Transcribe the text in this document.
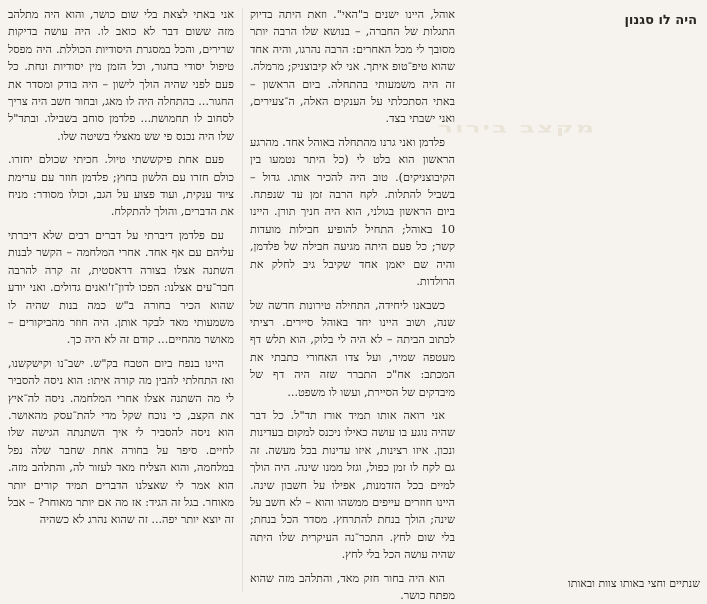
היה לו סגנון
מקצב בירור

אוהל, היינו ישנים ב"האי". וזאת היתה בדיוק התגלות של החברה, – בנושא שלו הרבה יותר מסובך לי מכל האחרים: הרבה נהרגו, והיה אחד שהוא טיפ־טופ איתך. אני לא קיבוצניק; מרמלה. זה היה משמעותי בהתחלה. ביום הראשון – באתי הסתכלתי על הענקים האלה, ה־צעירים, ואני ישבתי בצד.

פלדמן ואני גרנו מהתחלה באוהל אחד. מהרגע הראשון הוא בלט לי (כל היתר נטמעו בין הקיבוצניקים). טוב היה להכיר אותו. גדול – בשביל להתלות. לקח הרבה זמן עד שנפתח. ביום הראשון בגולני, הוא היה חניך תורן. היינו 10 באוהל; התחיל להופיע חבילות מועדות קשר; כל פעם היתה מגיעה חבילה של פלדמן, והיה שם יאמן אחד שקיבל גיב לחלק את הרולדות.

כשבאנו ליחידה, התחילה טירונות חדשה של שנה, ושוב היינו יחד באוהל סיירים. רציתי לכתוב הביתה – לא היה לי בלוק, הוא תלש דף מעטפה שמיר, ועל צדו האחורי כתבתי את המכתב: אח"כ התברר שזה היה דף של מיבדקים של הסיירת, ועשו לו משפט...

אני רואה אותו תמיד אורז תד"ל. כל דבר שהיה נוגע בו עושה כאילו ניכנס למקום בעדינות ונכון. איזו רצינות, איזו עדינות בכל מעשה. זה גם לקח לו זמן כפול, וגזל ממנו שינה. היה הולך למיים בכל הזדמנות, אפילו על חשבון שינה. היינו חוזרים עייפים ממשהו והוא – לא חשב על שינה; הולך בנחת להתרחץ. מסדר הכל בנחת; בלי שום לחץ. התכר־נה העיקרית שלו היתה שהיה עושה הכל בלי לחץ.

הוא היה בחור חזק מאד, והתלהב מזה שהוא מפתח כושר.

אני באתי לצאת בלי שום כושר, והוא היה מתלהב מזה ששום דבר לא כואב לו. היה עושה בדיקות שרירים, והכל במסגרת היסודיות הכוללת. היה מפסל טיפול יסודי בחגור, וכל הזמן מין יסודיות ונחת. כל פעם לפני שהיה הולך לישון – היה בודק ומסדר את החגור... בהתחלה היה לו מאג, ובחור חשב היה צריך לסחוב לו תחמושת... פלדמן סוחב בשבילו. ובתד"ל שלו היה נכנס פי שש מאצלי בשיטה שלו.

פעם אחת פיקששתי טיול. חכיתי שכולם יחזרו. כולם חזרו עם הלשון בחוץ; פלדמן חוזר עם ערימת ציוד ענקית, ועוד פצוע על הגב, וכולו מסודר: מניח את הדברים, והולך להתקלח.

עם פלדמן דיברתי על דברים רבים שלא דיברתי עליהם עם אף אחד. אחרי המלחמה – הקשר לבנות השתנה אצלו בצורה דראסטית, זה קרה להרבה חבר־עים אצלנו: הפכו לדון־ז'ואנים גדולים. ואני יודע שהוא הכיר בחורה ב"ש כמה בנות שהיה לו משמעותי מאד לבקר אותן. היה חוזר מהביקורים – מאושר מהחיים... קודם זה לא היה כך.

היינו בנפח ביום הטבח בק"ש. ישב־נו וקישקשנו, ואז התחלתי להבין מה קורה איתו: הוא ניסה להסביר לי מה השתנה אצלו אחרי המלחמה. ניסה לה־איץ את הקצב, כי נוכח שקל מדי להת־עסק מהאושר. הוא ניסה להסביר לי איך השתנתה הגישה שלו לחיים. סיפר על בחורה אחת שחבר שלה נפל במלחמה, והוא הצליח מאד לעזור לה, והתלהב מזה. הוא אמר לי שאצלנו הדברים תמיד קורים יותר מאוחר. בגל זה הגיד: אז מה אם יותר מאוחר? – אבל זה יוצא יותר יפה... זה שהוא נהרג לא כשהיה

שנתיים וחצי באותו צוות ובאותו
